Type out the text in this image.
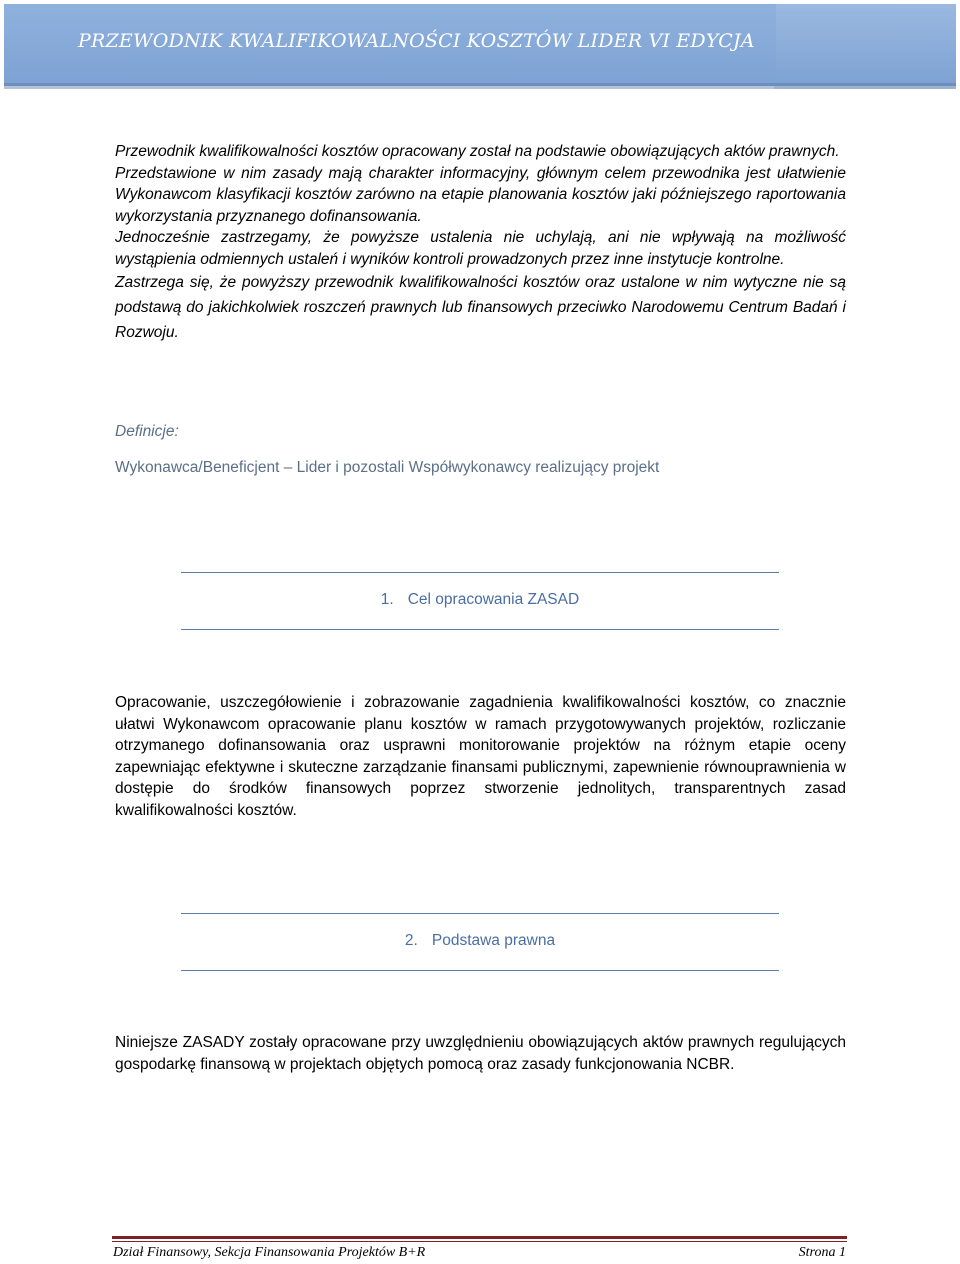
PRZEWODNIK KWALIFIKOWALNOŚCI KOSZTÓW LIDER VI EDYCJA

Przewodnik kwalifikowalności kosztów opracowany został na podstawie obowiązujących aktów prawnych.

Przedstawione w nim zasady mają charakter informacyjny, głównym celem przewodnika jest ułatwienie Wykonawcom klasyfikacji kosztów zarówno na etapie planowania kosztów jaki późniejszego raportowania wykorzystania przyznanego dofinansowania.

Jednocześnie zastrzegamy, że powyższe ustalenia nie uchylają, ani nie wpływają na możliwość wystąpienia odmiennych ustaleń i wyników kontroli prowadzonych przez inne instytucje kontrolne.

Zastrzega się, że powyższy przewodnik kwalifikowalności kosztów oraz ustalone w nim wytyczne nie są podstawą do jakichkolwiek roszczeń prawnych lub finansowych przeciwko Narodowemu Centrum Badań i Rozwoju.

Definicje:

Wykonawca/Beneficjent – Lider i pozostali Współwykonawcy realizujący projekt

1. Cel opracowania ZASAD

Opracowanie, uszczegółowienie i zobrazowanie zagadnienia kwalifikowalności kosztów, co znacznie ułatwi Wykonawcom opracowanie planu kosztów w ramach przygotowywanych projektów, rozliczanie otrzymanego dofinansowania oraz usprawni monitorowanie projektów na różnym etapie oceny zapewniając efektywne i skuteczne zarządzanie finansami publicznymi, zapewnienie równouprawnienia w dostępie do środków finansowych poprzez stworzenie jednolitych, transparentnych zasad kwalifikowalności kosztów.

2. Podstawa prawna

Niniejsze ZASADY zostały opracowane przy uwzględnieniu obowiązujących aktów prawnych regulujących gospodarkę finansową w projektach objętych pomocą oraz zasady funkcjonowania NCBR.

Dział Finansowy, Sekcja Finansowania Projektów B+R	Strona 1
